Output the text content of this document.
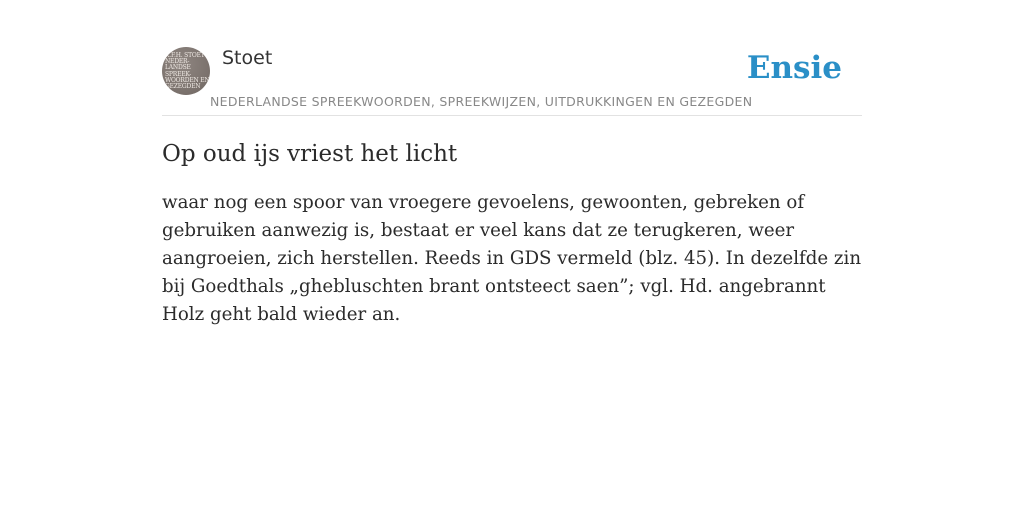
K.F.H. STOET
NEDER-
LANDSE
SPREEK-
WOORDEN EN
GEZEGDEN

Stoet

NEDERLANDSE SPREEKWOORDEN, SPREEKWIJZEN, UITDRUKKINGEN EN GEZEGDEN

Ensie
Op oud ijs vriest het licht

waar nog een spoor van vroegere gevoelens, gewoonten, gebreken of gebruiken aanwezig is, bestaat er veel kans dat ze terugkeren, weer aangroeien, zich herstellen. Reeds in GDS vermeld (blz. 45). In dezelfde zin bij Goedthals „ghebluschten brant ontsteect saen”; vgl. Hd. angebrannt Holz geht bald wieder an.
